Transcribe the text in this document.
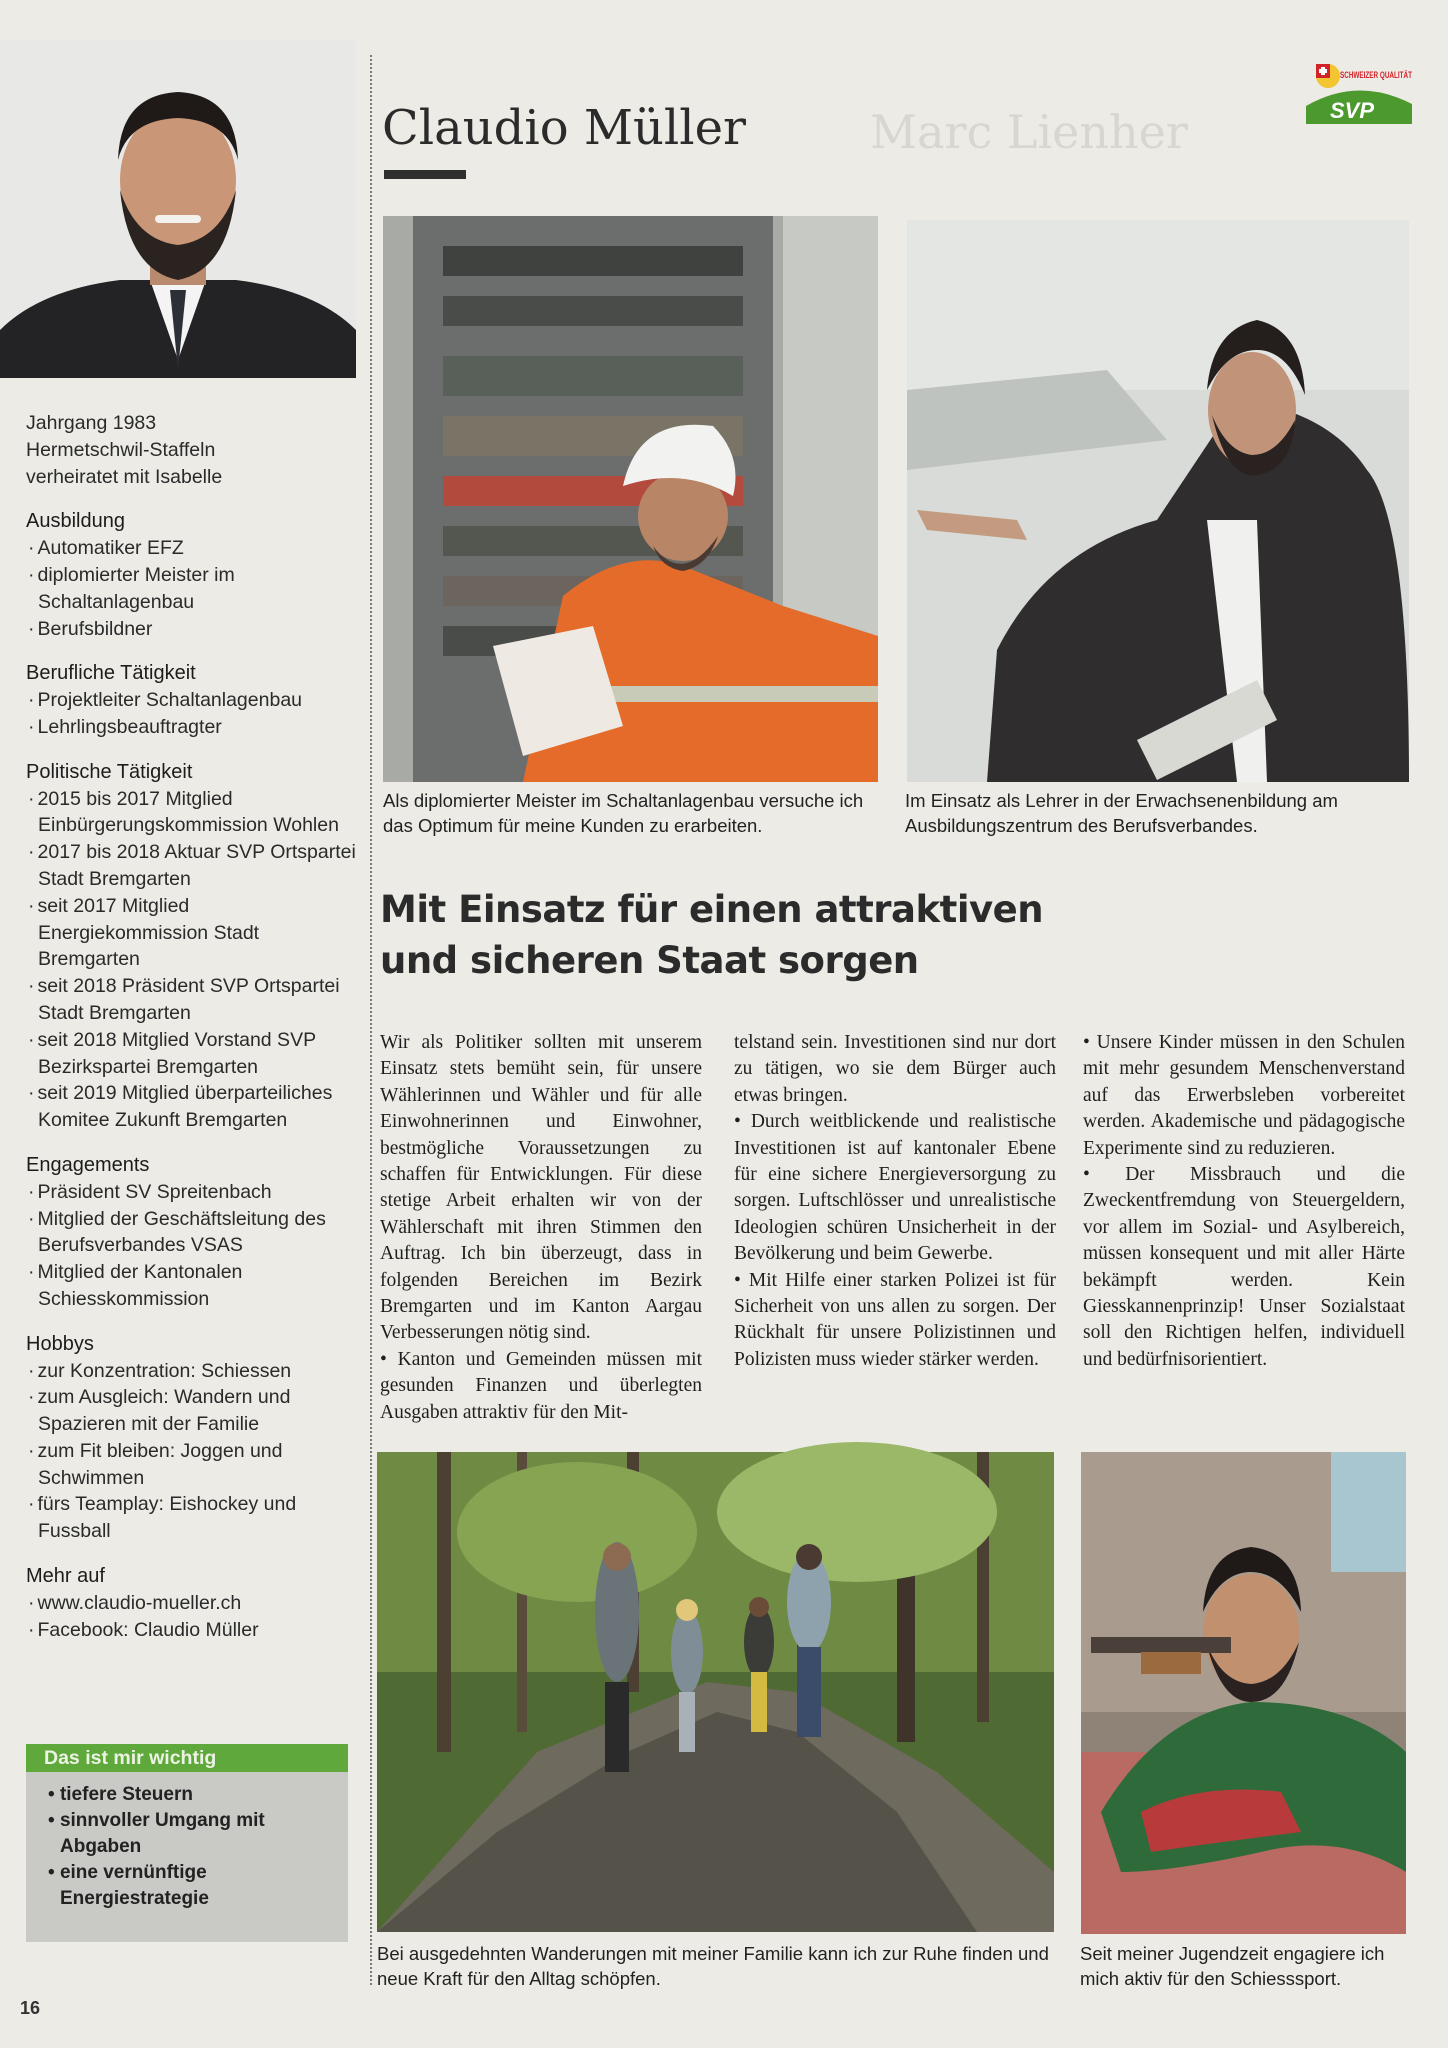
Marc Lienher
Jahrgang 1983
Hermetschwil-Staffeln
verheiratet mit Isabelle
Ausbildung
· Automatiker EFZ
· diplomierter Meister im Schaltanlagenbau
· Berufsbildner
Berufliche Tätigkeit
· Projektleiter Schaltanlagenbau
· Lehrlingsbeauftragter
Politische Tätigkeit
· 2015 bis 2017 Mitglied Einbürgerungskommission Wohlen
· 2017 bis 2018 Aktuar SVP Ortspartei Stadt Bremgarten
· seit 2017 Mitglied Energiekommission Stadt Bremgarten
· seit 2018 Präsident SVP Ortspartei Stadt Bremgarten
· seit 2018 Mitglied Vorstand SVP Bezirkspartei Bremgarten
· seit 2019 Mitglied überparteiliches Komitee Zukunft Bremgarten
Engagements
· Präsident SV Spreitenbach
· Mitglied der Geschäftsleitung des Berufsverbandes VSAS
· Mitglied der Kantonalen Schiesskommission
Hobbys
· zur Konzentration: Schiessen
· zum Ausgleich: Wandern und Spazieren mit der Familie
· zum Fit bleiben: Joggen und Schwimmen
· fürs Teamplay: Eishockey und Fussball
Mehr auf
· www.claudio-mueller.ch
· Facebook: Claudio Müller
Das ist mir wichtig
• tiefere Steuern
• sinnvoller Umgang mit Abgaben
• eine vernünftige Energiestrategie
16
Claudio Müller
SCHWEIZER QUALITÄT
SVP
Als diplomierter Meister im Schaltanlagenbau versuche ich das Optimum für meine Kunden zu erarbeiten.
Im Einsatz als Lehrer in der Erwachsenenbildung am Ausbildungszentrum des Berufsverbandes.
Mit Einsatz für einen attraktiven und sicheren Staat sorgen

Wir als Politiker sollten mit unserem Einsatz stets bemüht sein, für unsere Wählerinnen und Wähler und für alle Einwohnerinnen und Einwohner, bestmögliche Voraussetzungen zu schaffen für Entwicklungen. Für diese stetige Arbeit erhalten wir von der Wählerschaft mit ihren Stimmen den Auftrag. Ich bin überzeugt, dass in folgenden Bereichen im Bezirk Bremgarten und im Kanton Aargau Verbesserungen nötig sind.

• Kanton und Gemeinden müssen mit gesunden Finanzen und überlegten Ausgaben attraktiv für den Mit-

telstand sein. Investitionen sind nur dort zu tätigen, wo sie dem Bürger auch etwas bringen.

• Durch weitblickende und realistische Investitionen ist auf kantonaler Ebene für eine sichere Energieversorgung zu sorgen. Luftschlösser und unrealistische Ideologien schüren Unsicherheit in der Bevölkerung und beim Gewerbe.

• Mit Hilfe einer starken Polizei ist für Sicherheit von uns allen zu sorgen. Der Rückhalt für unsere Polizistinnen und Polizisten muss wieder stärker werden.

• Unsere Kinder müssen in den Schulen mit mehr gesundem Menschenverstand auf das Erwerbsleben vorbereitet werden. Akademische und pädagogische Experimente sind zu reduzieren.

• Der Missbrauch und die Zweckentfremdung von Steuergeldern, vor allem im Sozial- und Asylbereich, müssen konsequent und mit aller Härte bekämpft werden. Kein Giesskannenprinzip! Unser Sozialstaat soll den Richtigen helfen, individuell und bedürfnisorientiert.

Bei ausgedehnten Wanderungen mit meiner Familie kann ich zur Ruhe finden und neue Kraft für den Alltag schöpfen.
Seit meiner Jugendzeit engagiere ich mich aktiv für den Schiesssport.
